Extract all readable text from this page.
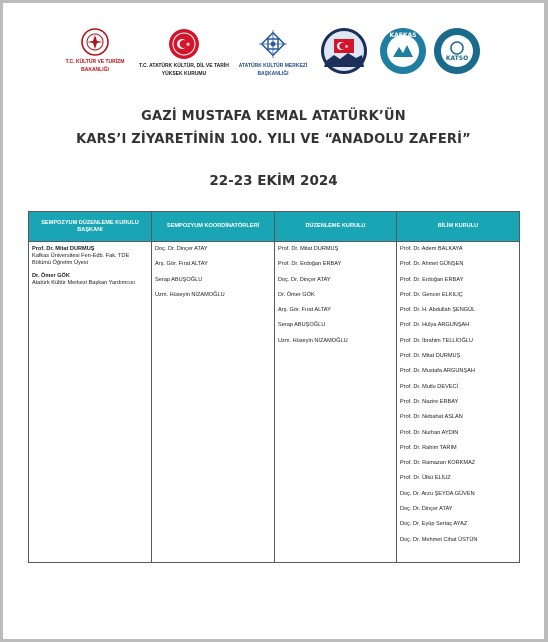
T.C. KÜLTÜR VE TURİZM
BAKANLIĞI
T.C. ATATÜRK KÜLTÜR, DİL VE TARİH
YÜKSEK KURUMU
ATATÜRK KÜLTÜR MERKEZİ
BAŞKANLIĞI
KAFKAS
KATSO
GAZİ MUSTAFA KEMAL ATATÜRK’ÜN
KARS’I ZİYARETİNİN 100. YILI VE “ANADOLU ZAFERİ”
22-23 EKİM 2024
SEMPOZYUM DÜZENLEME KURULU BAŞKANI
Prof. Dr. Mitat DURMUŞ
Kafkas Üniversitesi Fen-Edb. Fak. TDE Bölümü Öğretim Üyesi
Dr. Ömer GÖK
Atatürk Kültür Merkezi Başkan Yardımcısı
SEMPOZYUM KOORDİNATÖRLERİ
Doç. Dr. Dinçer ATAY
Arş. Gör. Fırat ALTAY
Serap ABUŞOĞLU
Uzm. Hüseyin NİZAMOĞLU
DÜZENLEME KURULU
Prof. Dr. Mitat DURMUŞ
Prof. Dr. Erdoğan ERBAY
Doç. Dr. Dinçer ATAY
Dr. Ömer GÖK
Arş. Gör. Fırat ALTAY
Serap ABUŞOĞLU
Uzm. Hüseyin NİZAMOĞLU
BİLİM KURULU
Prof. Dr. Adem BALKAYA
Prof. Dr. Ahmet GÜNŞEN
Prof. Dr. Erdoğan ERBAY
Prof. Dr. Gencer ELKILIÇ
Prof. Dr. H. Abdullah ŞENGÜL
Prof. Dr. Hülya ARGUNŞAH
Prof. Dr. İbrahim TELLİOĞLU
Prof. Dr. Mitat DURMUŞ
Prof. Dr. Mustafa ARGUNŞAH
Prof. Dr. Mutlu DEVECİ
Prof. Dr. Nazire ERBAY
Prof. Dr. Nebahat ASLAN
Prof. Dr. Nurhan AYDIN
Prof. Dr. Rahim TARIM
Prof. Dr. Ramazan KORKMAZ
Prof. Dr. Ülkü ELİUZ
Doç. Dr. Arzu ŞEYDA GÜVEN
Doç. Dr. Dinçer ATAY
Doç. Dr. Eyüp Sertaç AYAZ
Doç. Dr. Mehmet Cihat ÜSTÜN
